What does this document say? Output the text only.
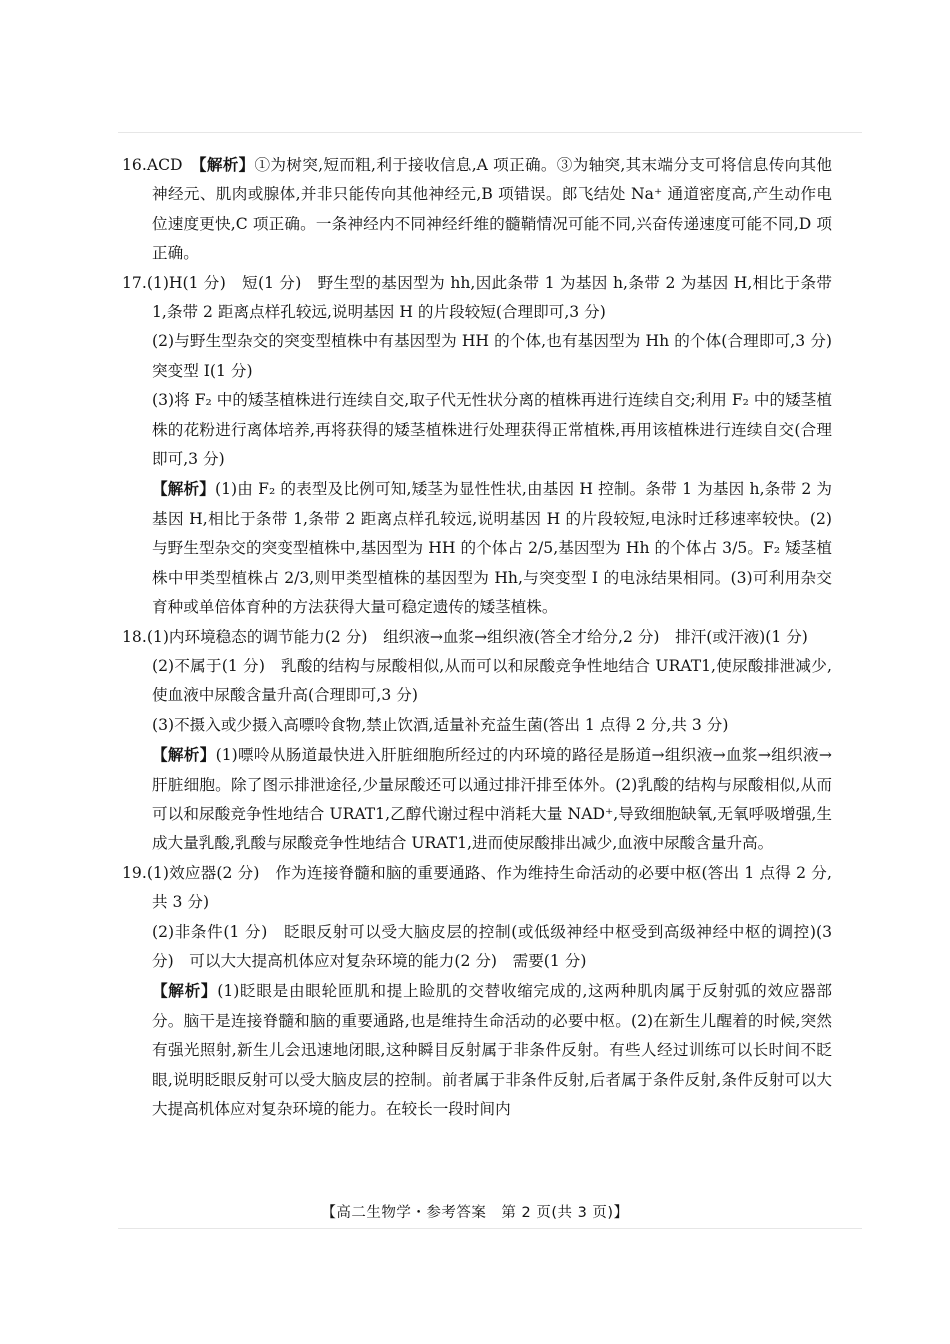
16.ACD　 【解析】①为树突,短而粗,利于接收信息,A 项正确。③为轴突,其末端分支可将信息传向其他神经元、肌肉或腺体,并非只能传向其他神经元,B 项错误。郎飞结处 Na⁺ 通道密度高,产生动作电位速度更快,C 项正确。一条神经内不同神经纤维的髓鞘情况可能不同,兴奋传递速度可能不同,D 项正确。

17.(1)H(1 分)　短(1 分)　野生型的基因型为 hh,因此条带 1 为基因 h,条带 2 为基因 H,相比于条带 1,条带 2 距离点样孔较远,说明基因 H 的片段较短(合理即可,3 分)

(2)与野生型杂交的突变型植株中有基因型为 HH 的个体,也有基因型为 Hh 的个体(合理即可,3 分)　突变型 Ⅰ(1 分)

(3)将 F₂ 中的矮茎植株进行连续自交,取子代无性状分离的植株再进行连续自交;利用 F₂ 中的矮茎植株的花粉进行离体培养,再将获得的矮茎植株进行处理获得正常植株,再用该植株进行连续自交(合理即可,3 分)

【解析】(1)由 F₂ 的表型及比例可知,矮茎为显性性状,由基因 H 控制。条带 1 为基因 h,条带 2 为基因 H,相比于条带 1,条带 2 距离点样孔较远,说明基因 H 的片段较短,电泳时迁移速率较快。(2)与野生型杂交的突变型植株中,基因型为 HH 的个体占 2/5,基因型为 Hh 的个体占 3/5。F₂ 矮茎植株中甲类型植株占 2/3,则甲类型植株的基因型为 Hh,与突变型 Ⅰ 的电泳结果相同。(3)可利用杂交育种或单倍体育种的方法获得大量可稳定遗传的矮茎植株。

18.(1)内环境稳态的调节能力(2 分)　组织液→血浆→组织液(答全才给分,2 分)　排汗(或汗液)(1 分)

(2)不属于(1 分)　乳酸的结构与尿酸相似,从而可以和尿酸竞争性地结合 URAT1,使尿酸排泄减少,使血液中尿酸含量升高(合理即可,3 分)

(3)不摄入或少摄入高嘌呤食物,禁止饮酒,适量补充益生菌(答出 1 点得 2 分,共 3 分)

【解析】(1)嘌呤从肠道最快进入肝脏细胞所经过的内环境的路径是肠道→组织液→血浆→组织液→肝脏细胞。除了图示排泄途径,少量尿酸还可以通过排汗排至体外。(2)乳酸的结构与尿酸相似,从而可以和尿酸竞争性地结合 URAT1,乙醇代谢过程中消耗大量 NAD⁺,导致细胞缺氧,无氧呼吸增强,生成大量乳酸,乳酸与尿酸竞争性地结合 URAT1,进而使尿酸排出减少,血液中尿酸含量升高。

19.(1)效应器(2 分)　作为连接脊髓和脑的重要通路、作为维持生命活动的必要中枢(答出 1 点得 2 分,共 3 分)

(2)非条件(1 分)　眨眼反射可以受大脑皮层的控制(或低级神经中枢受到高级神经中枢的调控)(3 分)　可以大大提高机体应对复杂环境的能力(2 分)　需要(1 分)

【解析】(1)眨眼是由眼轮匝肌和提上睑肌的交替收缩完成的,这两种肌肉属于反射弧的效应器部分。脑干是连接脊髓和脑的重要通路,也是维持生命活动的必要中枢。(2)在新生儿醒着的时候,突然有强光照射,新生儿会迅速地闭眼,这种瞬目反射属于非条件反射。有些人经过训练可以长时间不眨眼,说明眨眼反射可以受大脑皮层的控制。前者属于非条件反射,后者属于条件反射,条件反射可以大大提高机体应对复杂环境的能力。在较长一段时间内

【高二生物学・参考答案　第 2 页(共 3 页)】
